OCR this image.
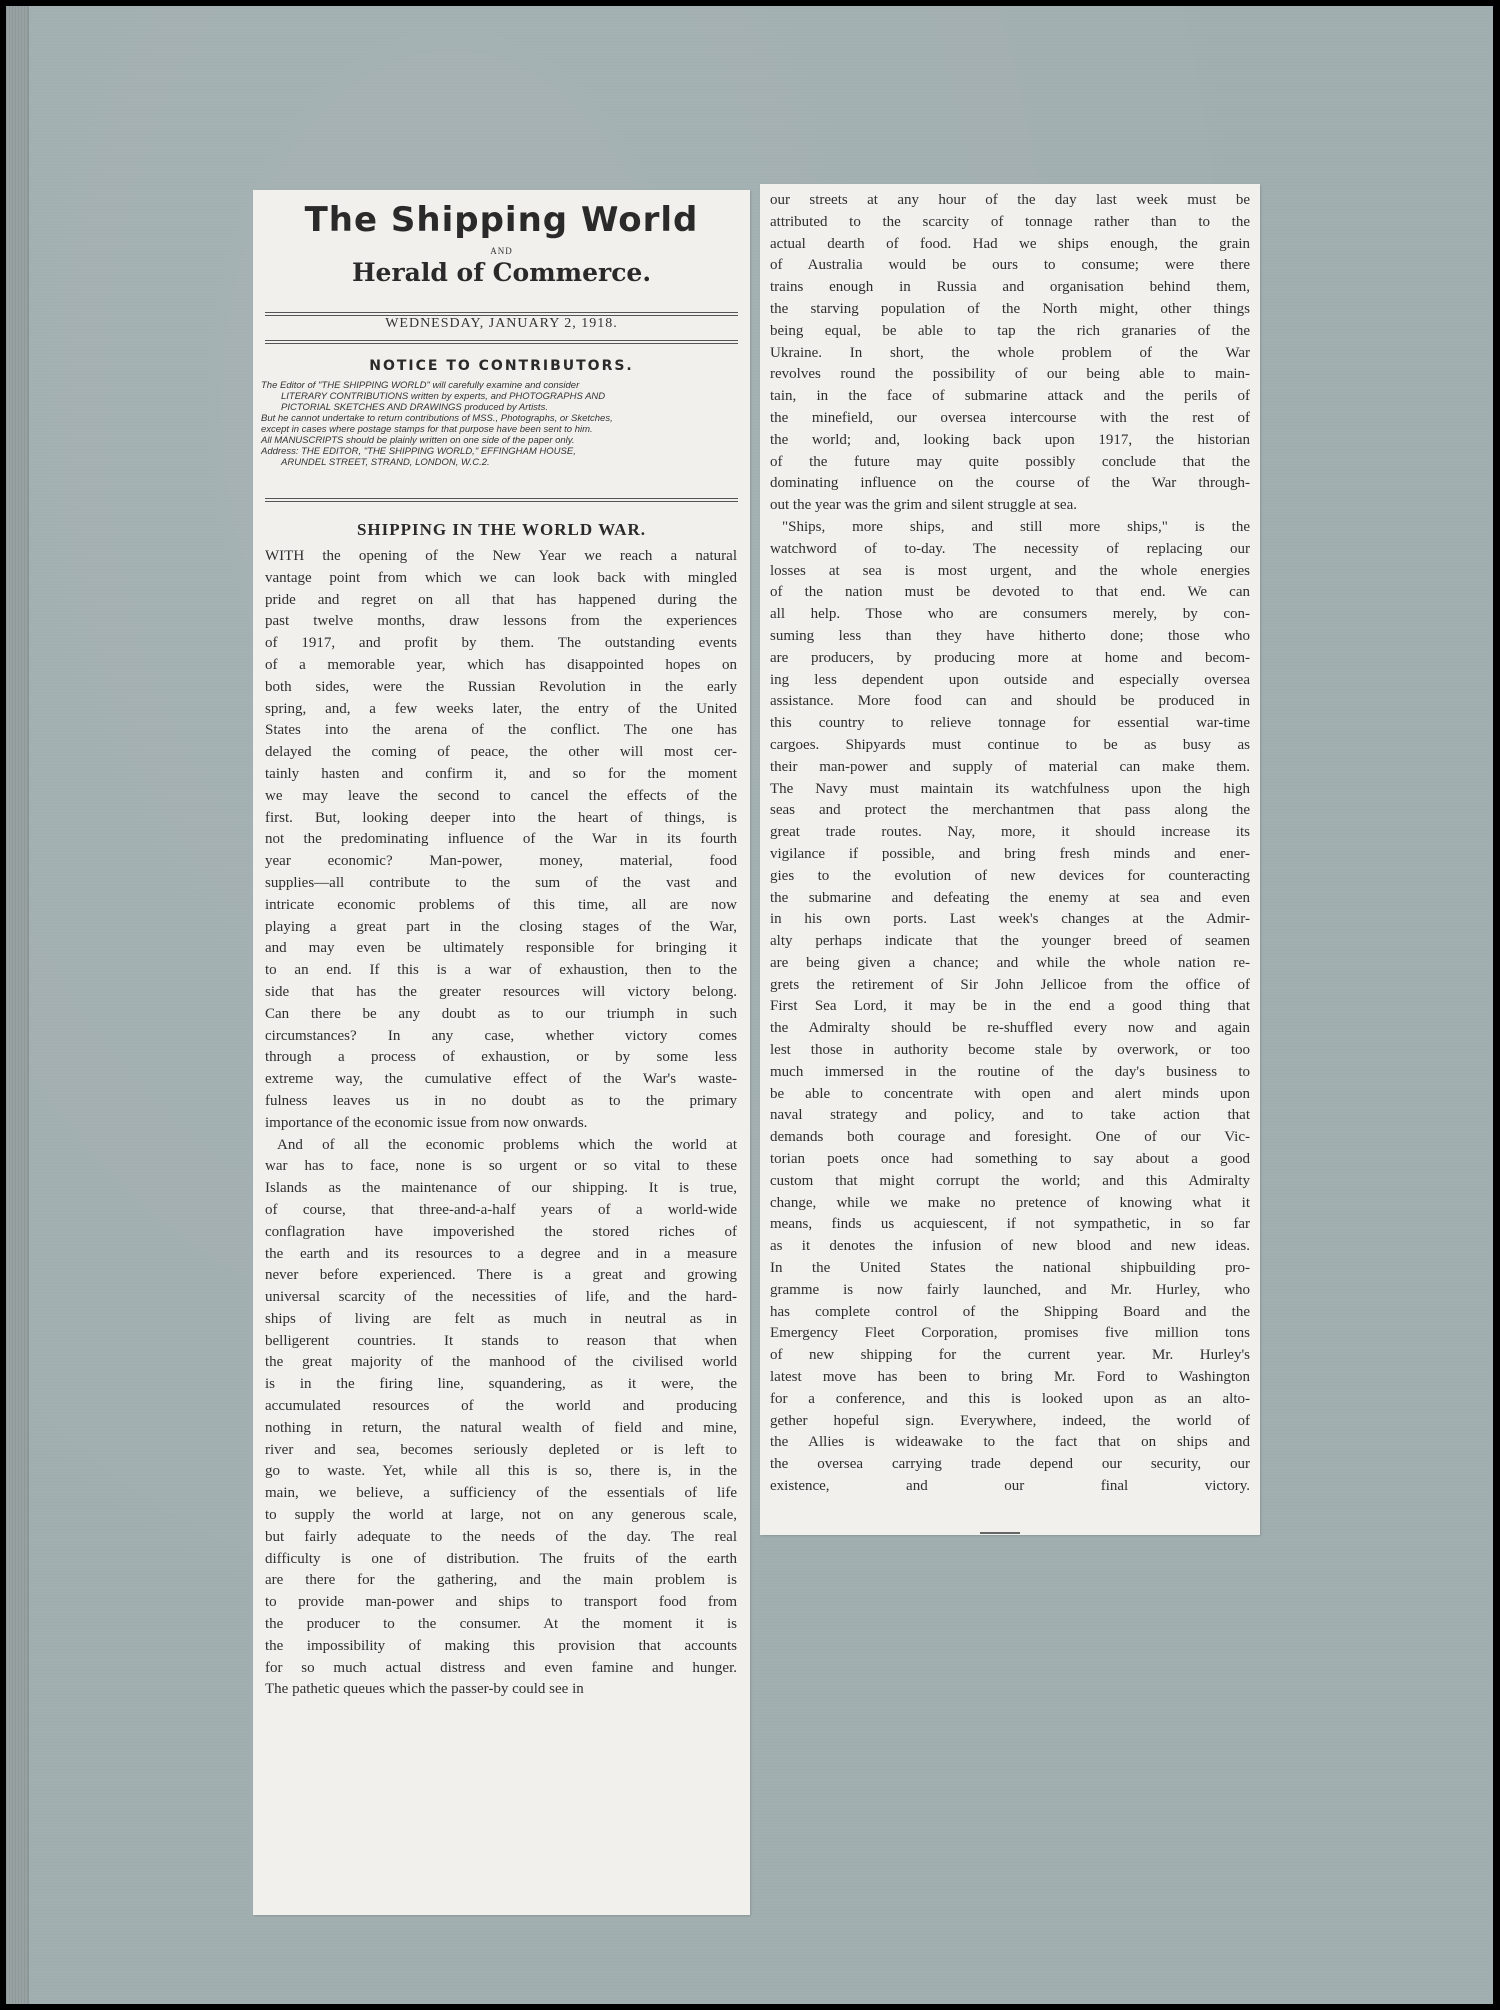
The Shipping World
AND
Herald of Commerce.
WEDNESDAY, JANUARY 2, 1918.
NOTICE TO CONTRIBUTORS.

The Editor of "THE SHIPPING WORLD" will carefully examine and consider

LITERARY CONTRIBUTIONS written by experts, and PHOTOGRAPHS AND

PICTORIAL SKETCHES AND DRAWINGS produced by Artists.

But he cannot undertake to return contributions of MSS., Photographs, or Sketches,

except in cases where postage stamps for that purpose have been sent to him.

All MANUSCRIPTS should be plainly written on one side of the paper only.

Address: THE EDITOR, "THE SHIPPING WORLD," EFFINGHAM HOUSE,

ARUNDEL STREET, STRAND, LONDON, W.C.2.

SHIPPING IN THE WORLD WAR.

WITH the opening of the New Year we reach a natural

vantage point from which we can look back with mingled

pride and regret on all that has happened during the

past twelve months, draw lessons from the experiences

of 1917, and profit by them. The outstanding events

of a memorable year, which has disappointed hopes on

both sides, were the Russian Revolution in the early

spring, and, a few weeks later, the entry of the United

States into the arena of the conflict. The one has

delayed the coming of peace, the other will most cer-

tainly hasten and confirm it, and so for the moment

we may leave the second to cancel the effects of the

first. But, looking deeper into the heart of things, is

not the predominating influence of the War in its fourth

year economic? Man-power, money, material, food

supplies—all contribute to the sum of the vast and

intricate economic problems of this time, all are now

playing a great part in the closing stages of the War,

and may even be ultimately responsible for bringing it

to an end. If this is a war of exhaustion, then to the

side that has the greater resources will victory belong.

Can there be any doubt as to our triumph in such

circumstances? In any case, whether victory comes

through a process of exhaustion, or by some less

extreme way, the cumulative effect of the War's waste-

fulness leaves us in no doubt as to the primary

importance of the economic issue from now onwards.

And of all the economic problems which the world at

war has to face, none is so urgent or so vital to these

Islands as the maintenance of our shipping. It is true,

of course, that three-and-a-half years of a world-wide

conflagration have impoverished the stored riches of

the earth and its resources to a degree and in a measure

never before experienced. There is a great and growing

universal scarcity of the necessities of life, and the hard-

ships of living are felt as much in neutral as in

belligerent countries. It stands to reason that when

the great majority of the manhood of the civilised world

is in the firing line, squandering, as it were, the

accumulated resources of the world and producing

nothing in return, the natural wealth of field and mine,

river and sea, becomes seriously depleted or is left to

go to waste. Yet, while all this is so, there is, in the

main, we believe, a sufficiency of the essentials of life

to supply the world at large, not on any generous scale,

but fairly adequate to the needs of the day. The real

difficulty is one of distribution. The fruits of the earth

are there for the gathering, and the main problem is

to provide man-power and ships to transport food from

the producer to the consumer. At the moment it is

the impossibility of making this provision that accounts

for so much actual distress and even famine and hunger.

The pathetic queues which the passer-by could see in

our streets at any hour of the day last week must be

attributed to the scarcity of tonnage rather than to the

actual dearth of food. Had we ships enough, the grain

of Australia would be ours to consume; were there

trains enough in Russia and organisation behind them,

the starving population of the North might, other things

being equal, be able to tap the rich granaries of the

Ukraine. In short, the whole problem of the War

revolves round the possibility of our being able to main-

tain, in the face of submarine attack and the perils of

the minefield, our oversea intercourse with the rest of

the world; and, looking back upon 1917, the historian

of the future may quite possibly conclude that the

dominating influence on the course of the War through-

out the year was the grim and silent struggle at sea.

"Ships, more ships, and still more ships," is the

watchword of to-day. The necessity of replacing our

losses at sea is most urgent, and the whole energies

of the nation must be devoted to that end. We can

all help. Those who are consumers merely, by con-

suming less than they have hitherto done; those who

are producers, by producing more at home and becom-

ing less dependent upon outside and especially oversea

assistance. More food can and should be produced in

this country to relieve tonnage for essential war-time

cargoes. Shipyards must continue to be as busy as

their man-power and supply of material can make them.

The Navy must maintain its watchfulness upon the high

seas and protect the merchantmen that pass along the

great trade routes. Nay, more, it should increase its

vigilance if possible, and bring fresh minds and ener-

gies to the evolution of new devices for counteracting

the submarine and defeating the enemy at sea and even

in his own ports. Last week's changes at the Admir-

alty perhaps indicate that the younger breed of seamen

are being given a chance; and while the whole nation re-

grets the retirement of Sir John Jellicoe from the office of

First Sea Lord, it may be in the end a good thing that

the Admiralty should be re-shuffled every now and again

lest those in authority become stale by overwork, or too

much immersed in the routine of the day's business to

be able to concentrate with open and alert minds upon

naval strategy and policy, and to take action that

demands both courage and foresight. One of our Vic-

torian poets once had something to say about a good

custom that might corrupt the world; and this Admiralty

change, while we make no pretence of knowing what it

means, finds us acquiescent, if not sympathetic, in so far

as it denotes the infusion of new blood and new ideas.

In the United States the national shipbuilding pro-

gramme is now fairly launched, and Mr. Hurley, who

has complete control of the Shipping Board and the

Emergency Fleet Corporation, promises five million tons

of new shipping for the current year. Mr. Hurley's

latest move has been to bring Mr. Ford to Washington

for a conference, and this is looked upon as an alto-

gether hopeful sign. Everywhere, indeed, the world of

the Allies is wideawake to the fact that on ships and

the oversea carrying trade depend our security, our

existence, and our final victory.
